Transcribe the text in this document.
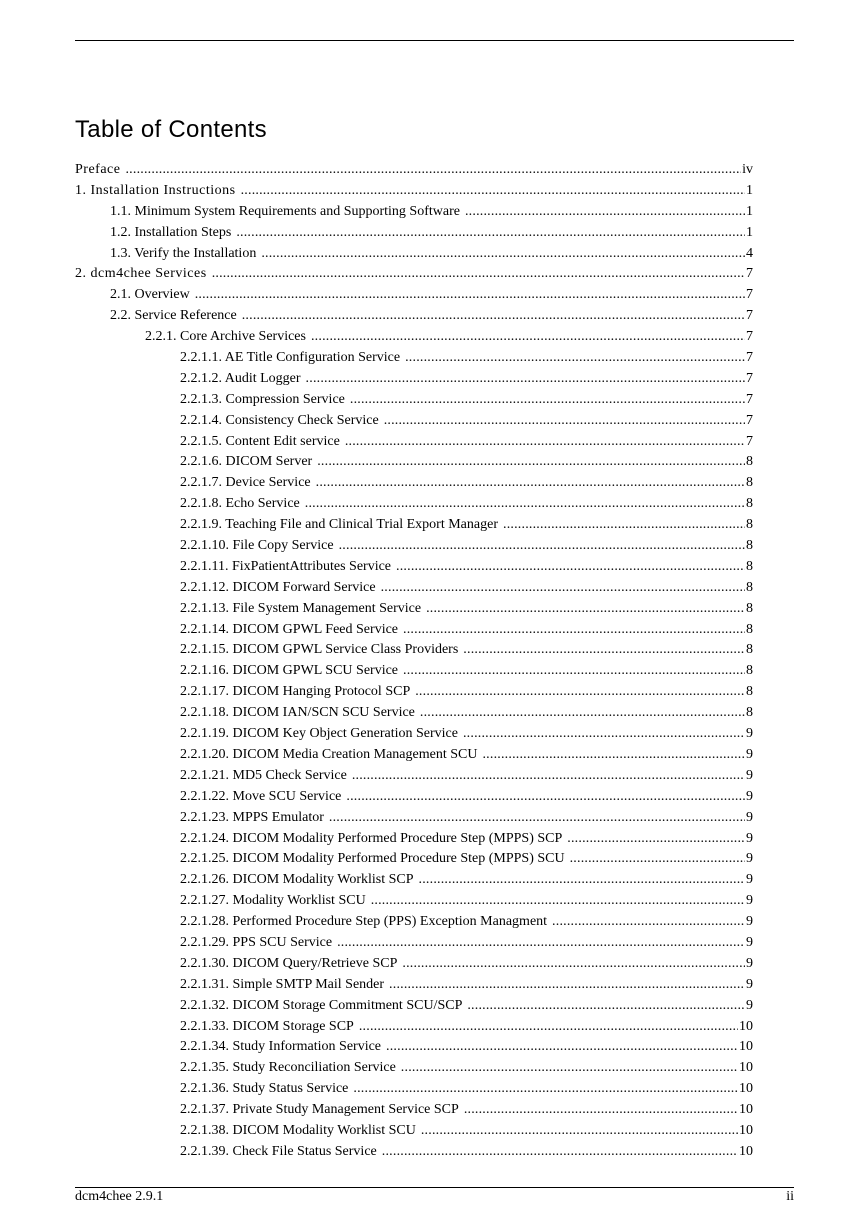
Table of Contents
Preface .....	iv
1. Installation Instructions .....	1
1.1. Minimum System Requirements and Supporting Software .....	1
1.2. Installation Steps .....	1
1.3. Verify the Installation .....	4
2. dcm4chee Services .....	7
2.1. Overview .....	7
2.2. Service Reference .....	7
2.2.1. Core Archive Services .....	7
2.2.1.1. AE Title Configuration Service .....	7
2.2.1.2. Audit Logger .....	7
2.2.1.3. Compression Service .....	7
2.2.1.4. Consistency Check Service .....	7
2.2.1.5. Content Edit service .....	7
2.2.1.6. DICOM Server .....	8
2.2.1.7. Device Service .....	8
2.2.1.8. Echo Service .....	8
2.2.1.9. Teaching File and Clinical Trial Export Manager .....	8
2.2.1.10. File Copy Service .....	8
2.2.1.11. FixPatientAttributes Service .....	8
2.2.1.12. DICOM Forward Service .....	8
2.2.1.13. File System Management Service .....	8
2.2.1.14. DICOM GPWL Feed Service .....	8
2.2.1.15. DICOM GPWL Service Class Providers .....	8
2.2.1.16. DICOM GPWL SCU Service .....	8
2.2.1.17. DICOM Hanging Protocol SCP .....	8
2.2.1.18. DICOM IAN/SCN SCU Service .....	8
2.2.1.19. DICOM Key Object Generation Service .....	9
2.2.1.20. DICOM Media Creation Management SCU .....	9
2.2.1.21. MD5 Check Service .....	9
2.2.1.22. Move SCU Service .....	9
2.2.1.23. MPPS Emulator .....	9
2.2.1.24. DICOM Modality Performed Procedure Step (MPPS) SCP .....	9
2.2.1.25. DICOM Modality Performed Procedure Step (MPPS) SCU .....	9
2.2.1.26. DICOM Modality Worklist SCP .....	9
2.2.1.27. Modality Worklist SCU .....	9
2.2.1.28. Performed Procedure Step (PPS) Exception Managment .....	9
2.2.1.29. PPS SCU Service .....	9
2.2.1.30. DICOM Query/Retrieve SCP .....	9
2.2.1.31. Simple SMTP Mail Sender .....	9
2.2.1.32. DICOM Storage Commitment SCU/SCP .....	9
2.2.1.33. DICOM Storage SCP .....	10
2.2.1.34. Study Information Service .....	10
2.2.1.35. Study Reconciliation Service .....	10
2.2.1.36. Study Status Service .....	10
2.2.1.37. Private Study Management Service SCP .....	10
2.2.1.38. DICOM Modality Worklist SCU .....	10
2.2.1.39. Check File Status Service .....	10
dcm4chee 2.9.1	ii
